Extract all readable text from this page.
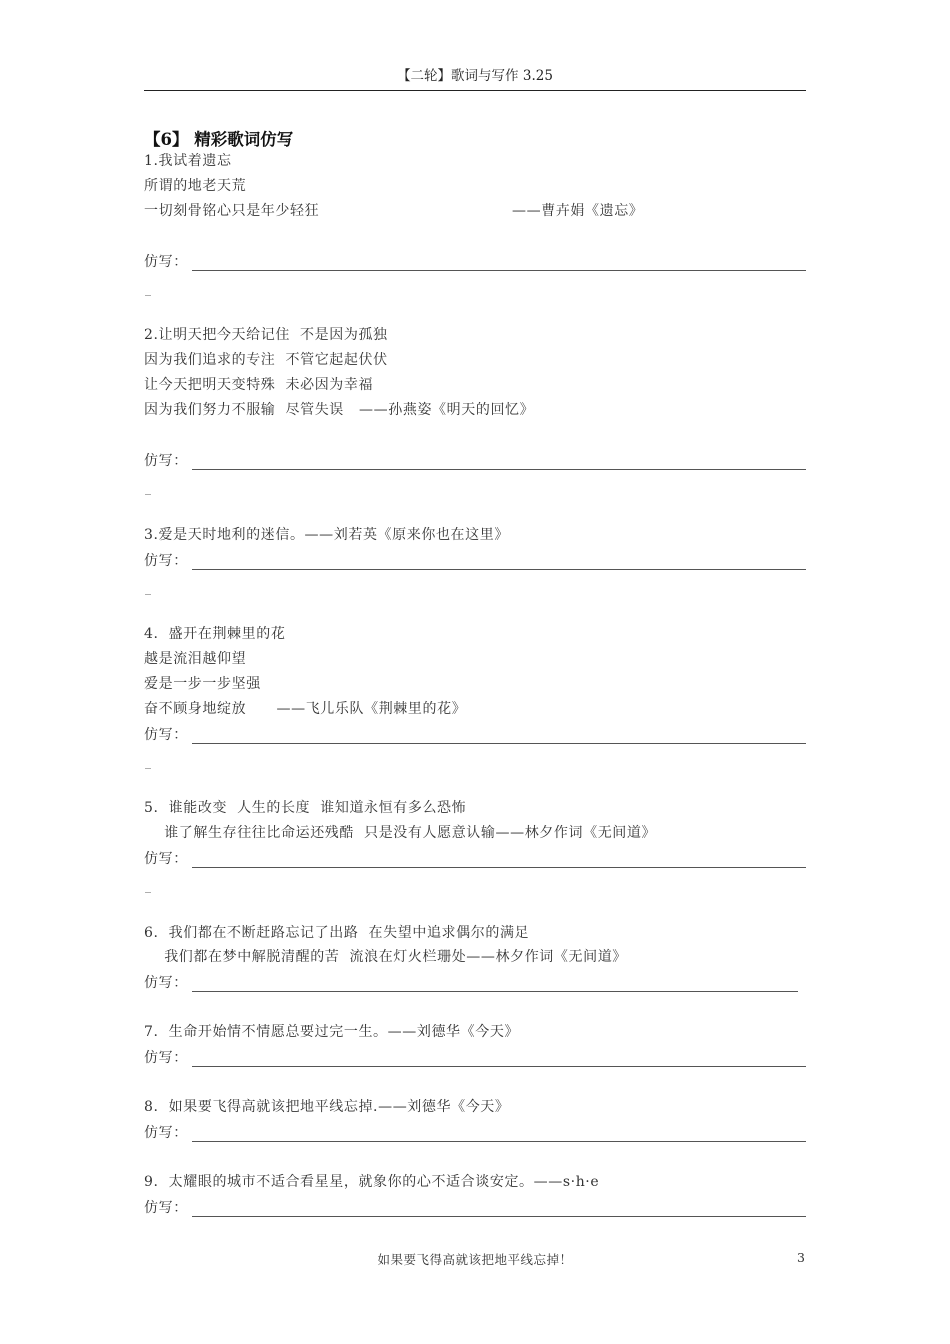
【二轮】歌词与写作 3.25
【6】 精彩歌词仿写
1.我试着遗忘
所谓的地老天荒
一切刻骨铭心只是年少轻狂	——曹卉娟《遗忘》
仿写：
_
2.让明天把今天给记住  不是因为孤独
因为我们追求的专注  不管它起起伏伏
让今天把明天变特殊  未必因为幸福
因为我们努力不服输  尽管失误   ——孙燕姿《明天的回忆》
仿写：
_
3.爱是天时地利的迷信。——刘若英《原来你也在这里》
仿写：
_
4.  盛开在荆棘里的花
越是流泪越仰望
爱是一步一步坚强
奋不顾身地绽放      ——飞儿乐队《荆棘里的花》
仿写：
_
5.  谁能改变  人生的长度  谁知道永恒有多么恐怖
谁了解生存往往比命运还残酷  只是没有人愿意认输——林夕作词《无间道》
仿写：
_
6.  我们都在不断赶路忘记了出路  在失望中追求偶尔的满足
我们都在梦中解脱清醒的苦  流浪在灯火栏珊处——林夕作词《无间道》
仿写：
7.  生命开始情不情愿总要过完一生。——刘德华《今天》
仿写：
8.  如果要飞得高就该把地平线忘掉.——刘德华《今天》
仿写：
9.  太耀眼的城市不适合看星星，就象你的心不适合谈安定。——s·h·e
仿写：
如果要飞得高就该把地平线忘掉！	3
